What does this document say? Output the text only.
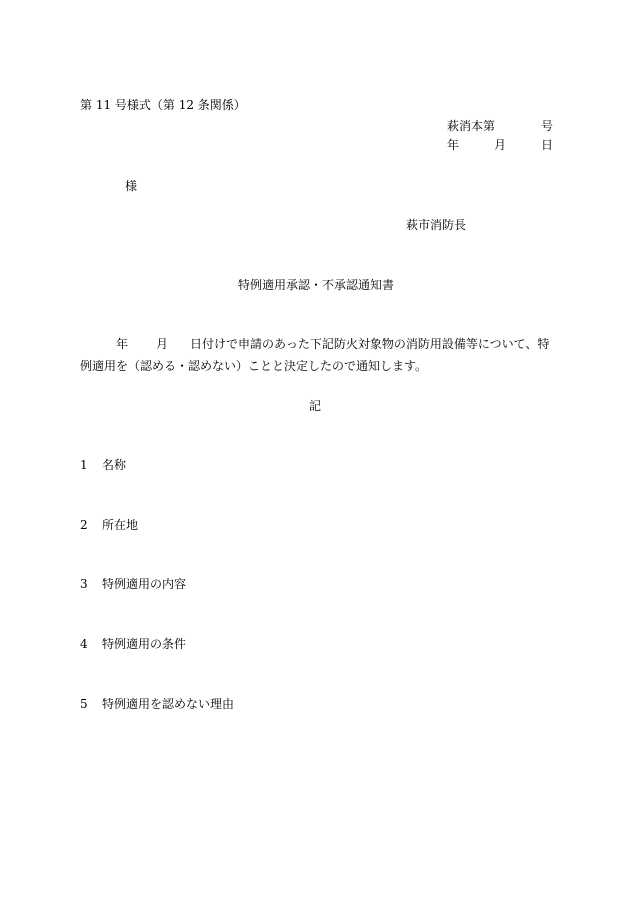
第 11 号様式（第 12 条関係）
萩消本第	号
年	月	日
様
萩市消防長
特例適用承認・不承認通知書
年 月 日付けで申請のあった下記防火対象物の消防用設備等について、特例適用を（認める・認めない）ことと決定したので通知します。
記
1 名称
2 所在地
3 特例適用の内容
4 特例適用の条件
5 特例適用を認めない理由
